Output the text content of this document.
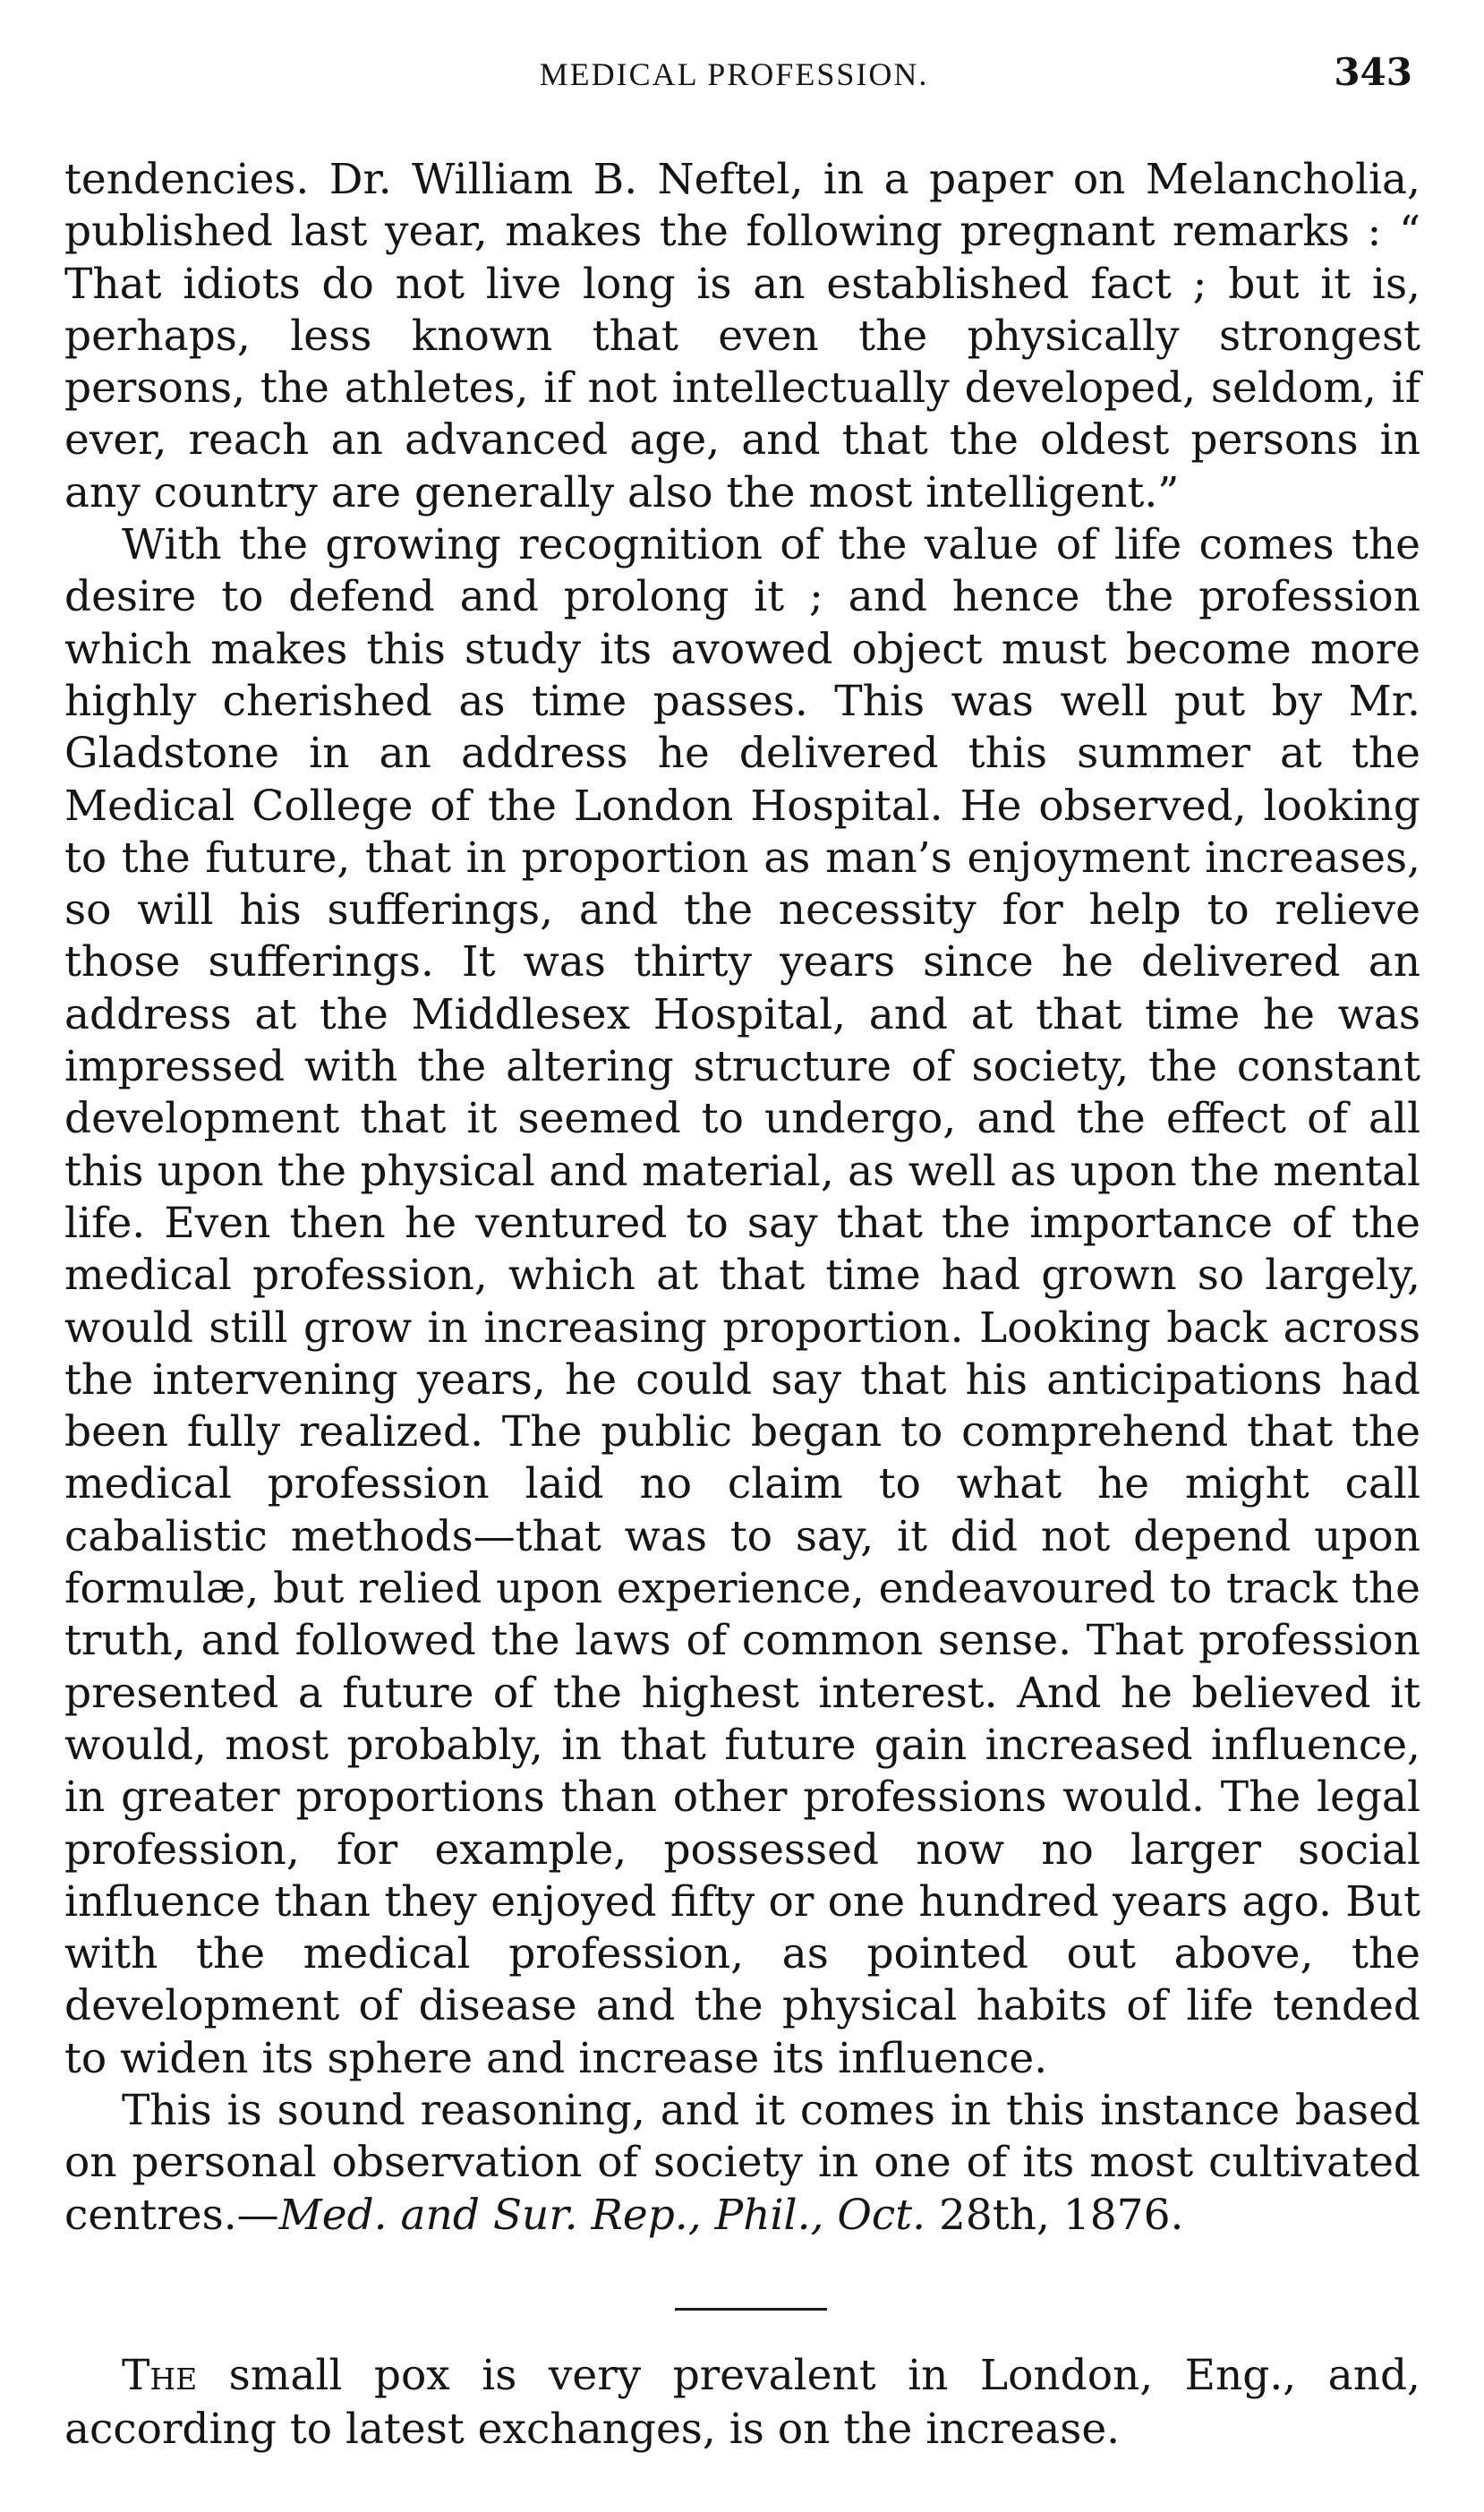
MEDICAL PROFESSION.	343

tendencies. Dr. William B. Neftel, in a paper on Melancholia, published last year, makes the following pregnant remarks : “ That idiots do not live long is an established fact ; but it is, perhaps, less known that even the physically strongest persons, the athletes, if not intellectually developed, seldom, if ever, reach an advanced age, and that the oldest persons in any country are generally also the most intelligent.”

With the growing recognition of the value of life comes the desire to defend and prolong it ; and hence the profession which makes this study its avowed object must become more highly cherished as time passes. This was well put by Mr. Gladstone in an address he delivered this summer at the Medical College of the London Hospital. He observed, looking to the future, that in proportion as man’s enjoyment increases, so will his sufferings, and the necessity for help to relieve those sufferings. It was thirty years since he delivered an address at the Middlesex Hospital, and at that time he was impressed with the altering structure of society, the constant development that it seemed to undergo, and the effect of all this upon the physical and material, as well as upon the mental life. Even then he ventured to say that the importance of the medical profession, which at that time had grown so largely, would still grow in increasing proportion. Looking back across the intervening years, he could say that his anticipations had been fully realized. The public began to comprehend that the medical profession laid no claim to what he might call cabalistic methods—that was to say, it did not depend upon formulæ, but relied upon experience, endeavoured to track the truth, and followed the laws of common sense. That profession presented a future of the highest interest. And he believed it would, most probably, in that future gain increased influence, in greater proportions than other professions would. The legal profession, for example, possessed now no larger social influence than they enjoyed fifty or one hundred years ago. But with the medical profession, as pointed out above, the development of disease and the physical habits of life tended to widen its sphere and increase its influence.

This is sound reasoning, and it comes in this instance based on personal observation of society in one of its most cultivated centres.—Med. and Sur. Rep., Phil., Oct. 28th, 1876.

The small pox is very prevalent in London, Eng., and, according to latest exchanges, is on the increase.
